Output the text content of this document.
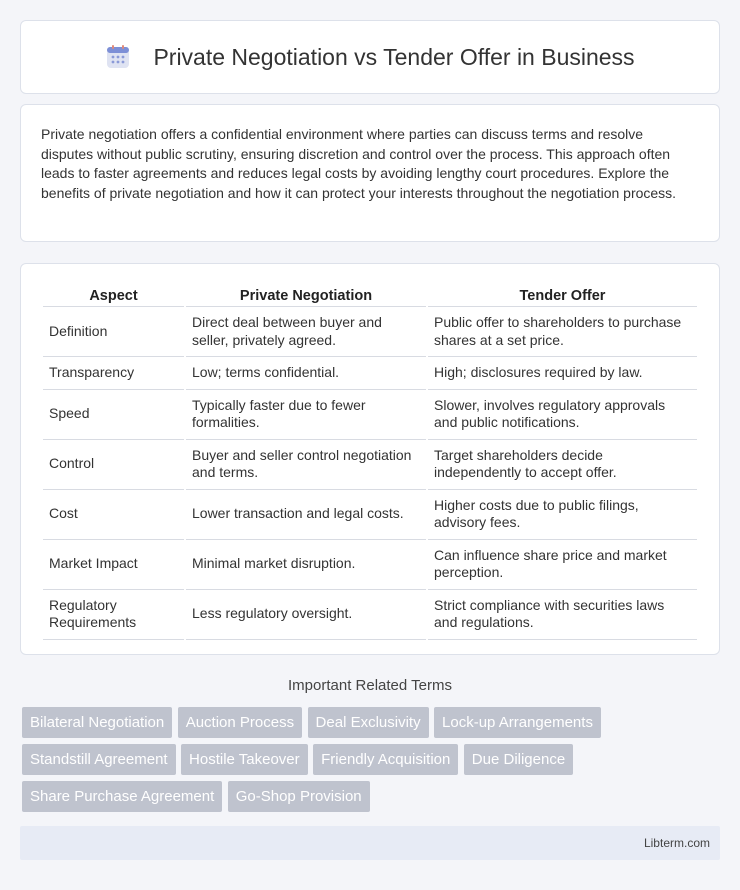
Private Negotiation vs Tender Offer in Business

Private negotiation offers a confidential environment where parties can discuss terms and resolve disputes without public scrutiny, ensuring discretion and control over the process. This approach often leads to faster agreements and reduces legal costs by avoiding lengthy court procedures. Explore the benefits of private negotiation and how it can protect your interests throughout the negotiation process.

Aspect	Private Negotiation	Tender Offer
Definition	Direct deal between buyer and seller, privately agreed.	Public offer to shareholders to purchase shares at a set price.
Transparency	Low; terms confidential.	High; disclosures required by law.
Speed	Typically faster due to fewer formalities.	Slower, involves regulatory approvals and public notifications.
Control	Buyer and seller control negotiation and terms.	Target shareholders decide independently to accept offer.
Cost	Lower transaction and legal costs.	Higher costs due to public filings, advisory fees.
Market Impact	Minimal market disruption.	Can influence share price and market perception.
Regulatory Requirements	Less regulatory oversight.	Strict compliance with securities laws and regulations.
Important Related Terms
Bilateral Negotiation Auction Process Deal Exclusivity Lock-up Arrangements Standstill Agreement Hostile Takeover Friendly Acquisition Due Diligence Share Purchase Agreement Go-Shop Provision
Libterm.com
